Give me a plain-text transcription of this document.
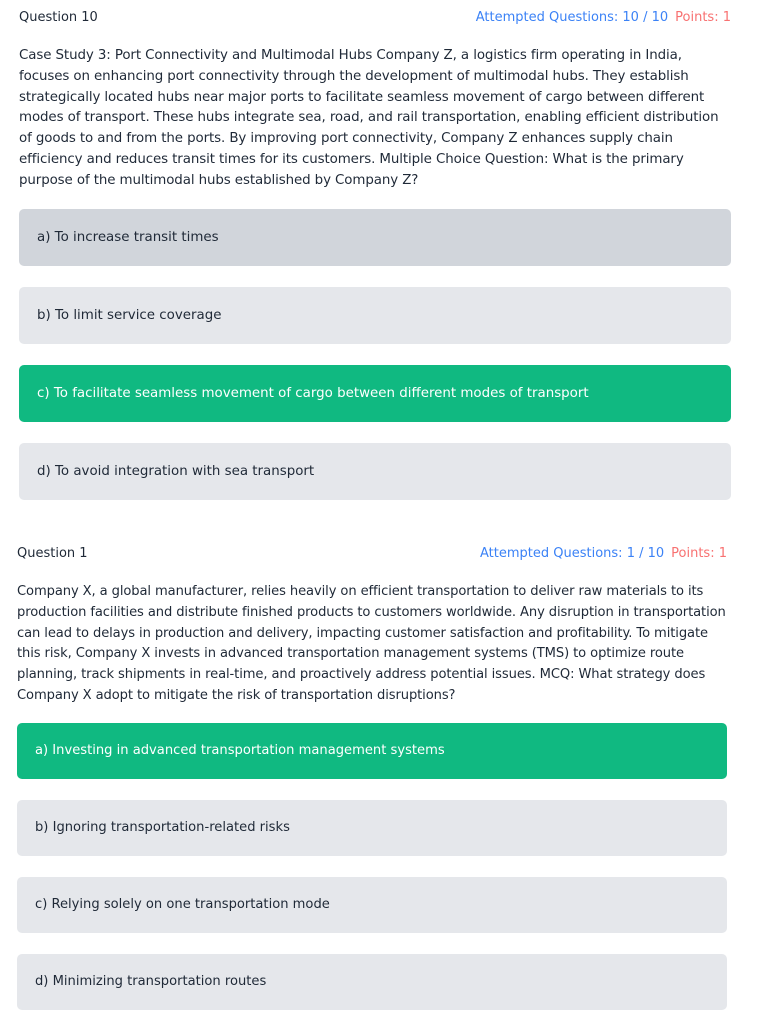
Question 10	Attempted Questions: 10 / 10 Points: 1
Case Study 3: Port Connectivity and Multimodal Hubs Company Z, a logistics firm operating in India, focuses on enhancing port connectivity through the development of multimodal hubs. They establish strategically located hubs near major ports to facilitate seamless movement of cargo between different modes of transport. These hubs integrate sea, road, and rail transportation, enabling efficient distribution of goods to and from the ports. By improving port connectivity, Company Z enhances supply chain efficiency and reduces transit times for its customers. Multiple Choice Question: What is the primary purpose of the multimodal hubs established by Company Z?
a) To increase transit times
b) To limit service coverage
c) To facilitate seamless movement of cargo between different modes of transport
d) To avoid integration with sea transport
Question 1	Attempted Questions: 1 / 10 Points: 1
Company X, a global manufacturer, relies heavily on efficient transportation to deliver raw materials to its production facilities and distribute finished products to customers worldwide. Any disruption in transportation can lead to delays in production and delivery, impacting customer satisfaction and profitability. To mitigate this risk, Company X invests in advanced transportation management systems (TMS) to optimize route planning, track shipments in real-time, and proactively address potential issues. MCQ: What strategy does Company X adopt to mitigate the risk of transportation disruptions?
a) Investing in advanced transportation management systems
b) Ignoring transportation-related risks
c) Relying solely on one transportation mode
d) Minimizing transportation routes
